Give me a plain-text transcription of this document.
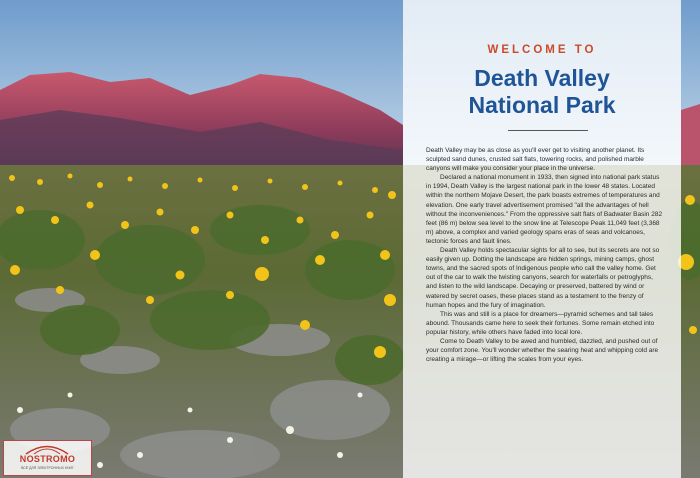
WELCOME TO
Death Valley
National Park

Death Valley may be as close as you'll ever get to visiting another planet. Its sculpted sand dunes, crusted salt flats, towering rocks, and polished marble canyons will make you consider your place in the universe.

Declared a national monument in 1933, then signed into national park status in 1994, Death Valley is the largest national park in the lower 48 states. Located within the northern Mojave Desert, the park boasts extremes of temperatures and elevation. One early travel advertisement promised "all the advantages of hell without the inconveniences." From the oppressive salt flats of Badwater Basin 282 feet (86 m) below sea level to the snow line at Telescope Peak 11,049 feet (3,368 m) above, a complex and varied geology spans eras of seas and volcanoes, tectonic forces and fault lines.

Death Valley holds spectacular sights for all to see, but its secrets are not so easily given up. Dotting the landscape are hidden springs, mining camps, ghost towns, and the sacred spots of Indigenous people who call the valley home. Get out of the car to walk the twisting canyons, search for waterfalls or petroglyphs, and listen to the wild landscape. Decaying or preserved, battered by wind or watered by secret oases, these places stand as a testament to the frenzy of human hopes and the fury of imagination.

This was and still is a place for dreamers—pyramid schemes and tall tales abound. Thousands came here to seek their fortunes. Some remain etched into popular history, while others have faded into local lore.

Come to Death Valley to be awed and humbled, dazzled, and pushed out of your comfort zone. You'll wonder whether the searing heat and whipping cold are creating a mirage—or lifting the scales from your eyes.

NOSTROMO
ВСЁ ДЛЯ ЭЛЕКТРОННЫХ КНИГ
